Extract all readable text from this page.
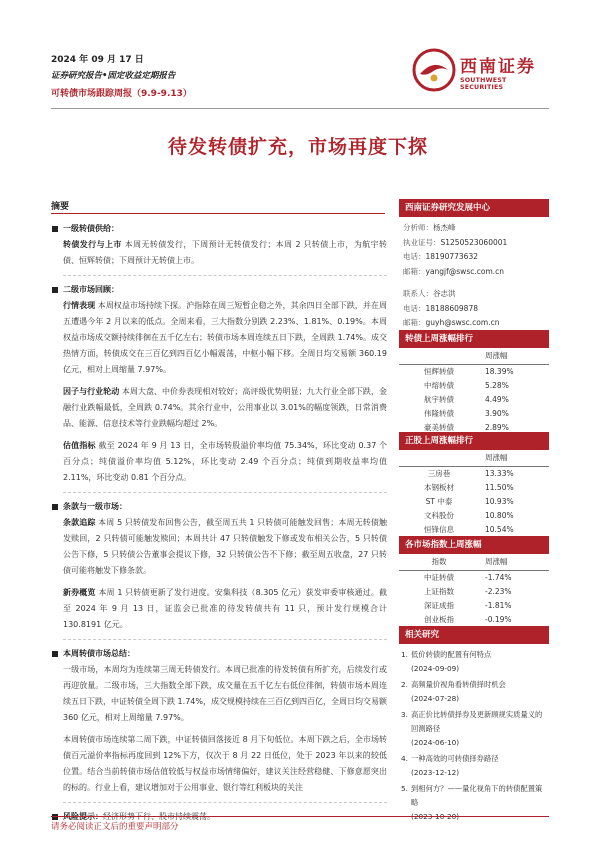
2024 年 09 月 17 日
证券研究报告•固定收益定期报告
可转债市场跟踪周报（9.9-9.13）
西南证券
SOUTHWEST SECURITIES
待发转债扩充，市场再度下探
摘要
一级转债供给：
转债发行与上市 本周无转债发行，下周预计无转债发行；本周 2 只转债上市，为航宇转债、恒辉转债；下周预计无转债上市。
二级市场回顾：
行情表现 本周权益市场持续下探。沪指除在周三短暂企稳之外，其余四日全部下跌，并在周五遭遇今年 2 月以来的低点。全周来看，三大指数分别跌 2.23%、1.81%、0.19%。本周权益市场成交额持续徘徊在五千亿左右；转债市场本周连续五日下跌，全周跌 1.74%。成交热情方面，转债成交在三百亿到四百亿小幅震荡，中枢小幅下移。全周日均交易额 360.19 亿元，相对上周缩量 7.97%。
因子与行业轮动 本周大盘、中价券表现相对较好；高评级优势明显；九大行业全部下跌，金融行业跌幅最低，全周跌 0.74%。其余行业中，公用事业以 3.01%的幅度领跌，日常消费品、能源、信息技术等行业跌幅均超过 2%。
估值指标 截至 2024 年 9 月 13 日，全市场转股溢价率均值 75.34%，环比变动 0.37 个百分点；纯债溢价率均值 5.12%，环比变动 2.49 个百分点；纯债到期收益率均值 2.11%，环比变动 0.81 个百分点。
条款与一级市场：
条款追踪 本周 5 只转债发布回售公告，截至周五共 1 只转债可能触发回售；本周无转债触发赎回，2 只转债可能触发赎回；本周共计 47 只转债触发下修或发布相关公告，5 只转债公告下修，5 只转债公告董事会提议下修，32 只转债公告不下修；截至周五收盘，27 只转债可能将触发下修条款。
新券概览 本周 1 只转债更新了发行进度。安集科技（8.305 亿元）获发审委审核通过。截至 2024 年 9 月 13 日，证监会已批准的待发转债共有 11 只，预计发行规模合计 130.8191 亿元。
本周转债市场总结：
一级市场，本周均为连续第三周无转债发行。本周已批准的待发转债有所扩充，后续发行或再迎放量。二级市场，三大指数全部下跌，成交量在五千亿左右低位徘徊，转债市场本周连续五日下跌，中证转债全周下跌 1.74%，成交规模持续在三百亿到四百亿，全周日均交易额 360 亿元，相对上周缩量 7.97%。
本周转债市场连续第二周下跌，中证转债回落接近 8 月下旬低位。本周下跌之后，全市场转债百元溢价率指标再度回到 12%下方，仅次于 8 月 22 日低位，处于 2023 年以来的较低位置。结合当前转债市场估值较低与权益市场情绪偏好，建议关注经营稳健、下修意愿突出的标的。行业上看，建议增加对于公用事业、银行等红利板块的关注
西南证券研究发展中心
分析师：杨杰峰
执业证号：S1250523060001
电话：18190773632
邮箱：yangjf@swsc.com.cn
联系人：谷志洪
电话：18188609878
邮箱：guyh@swsc.com.cn
转债上周涨幅排行
	周涨幅
恒辉转债	18.39%
中熔转债	5.28%
航宇转债	4.49%
伟隆转债	3.90%
豪美转债	2.89%
正股上周涨幅排行
	周涨幅
三房巷	13.33%
本钢板材	11.50%
ST 中泰	10.93%
文科股份	10.80%
恒锋信息	10.54%
各市场指数上周涨幅
指数	周涨幅
中证转债	-1.74%
上证指数	-2.23%
深证成指	-1.81%
创业板指	-0.19%
相关研究
1. 低价转债的配置有何特点
(2024-09-09)
2. 高频量价视角看转债择时机会
(2024-07-28)
3. 高正价比转债择券及更新顾规实质量义的回测路径
(2024-06-10)
4. 一种高效的可转债择券路径
(2023-12-12)
5. 到相何方？——量化视角下的转债配置策略
请务必阅读正文后的重要声明部分
